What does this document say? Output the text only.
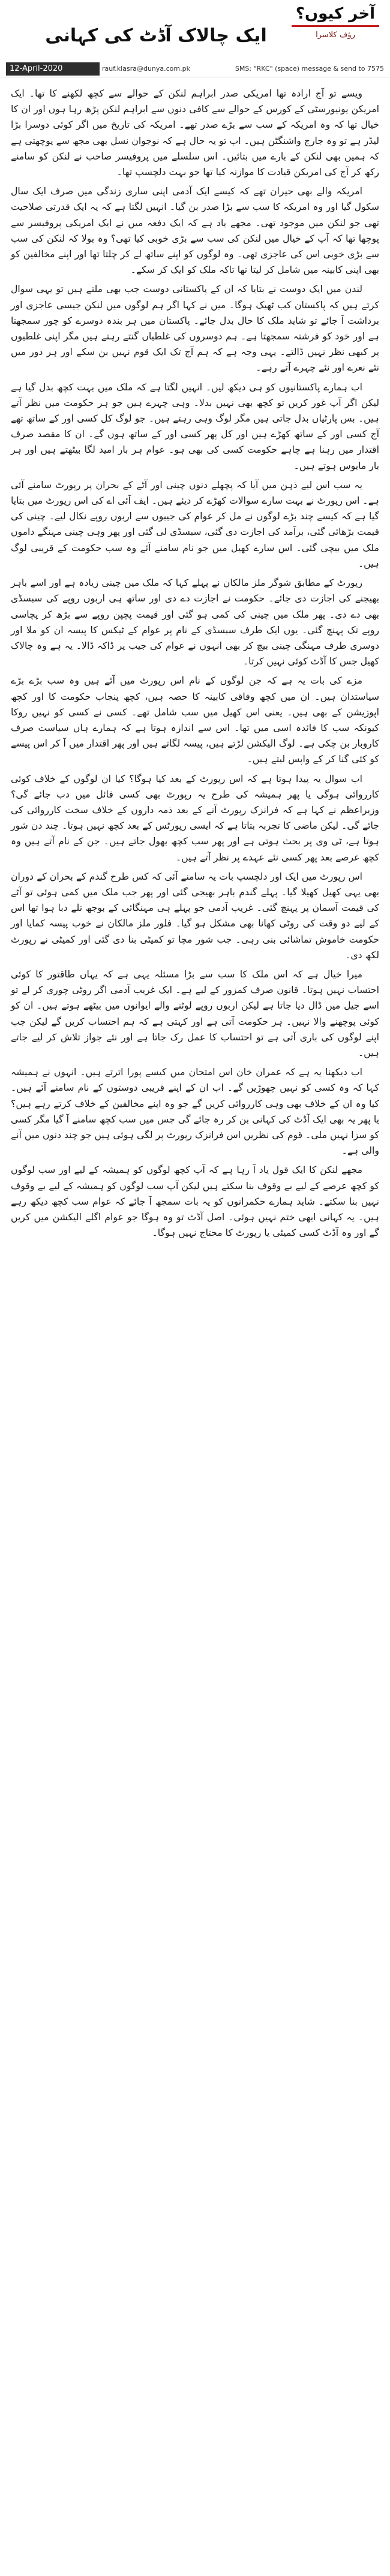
آخر کیوں؟
رؤف کلاسرا
ایک چالاک آڈٹ کی کہانی
12-April-2020	rauf.klasra@dunya.com.pk	SMS: "RKC" (space) message & send to 7575

ویسے تو آج ارادہ تھا امریکی صدر ابراہم لنکن کے حوالے سے کچھ لکھنے کا تھا۔ ایک امریکن یونیورسٹی کے کورس کے حوالے سے کافی دنوں سے ابراہم لنکن پڑھ رہا ہوں اور ان کا خیال تھا کہ وہ امریکہ کے سب سے بڑے صدر تھے۔ امریکہ کی تاریخ میں اگر کوئی دوسرا بڑا لیڈر ہے تو وہ جارج واشنگٹن ہیں۔ اب تو یہ حال ہے کہ نوجوان نسل بھی مجھ سے پوچھتی ہے کہ ہمیں بھی لنکن کے بارے میں بتائیں۔ اس سلسلے میں پروفیسر صاحب نے لنکن کو سامنے رکھ کر آج کی امریکن قیادت کا موازنہ کیا تھا جو بہت دلچسپ تھا۔

امریکہ والے بھی حیران تھے کہ کیسے ایک آدمی اپنی ساری زندگی میں صرف ایک سال سکول گیا اور وہ امریکہ کا سب سے بڑا صدر بن گیا۔ انہیں لگتا ہے کہ یہ ایک قدرتی صلاحیت تھی جو لنکن میں موجود تھی۔ مجھے یاد ہے کہ ایک دفعہ میں نے ایک امریکی پروفیسر سے پوچھا تھا کہ آپ کے خیال میں لنکن کی سب سے بڑی خوبی کیا تھی؟ وہ بولا کہ لنکن کی سب سے بڑی خوبی اس کی عاجزی تھی۔ وہ لوگوں کو اپنے ساتھ لے کر چلتا تھا اور اپنے مخالفین کو بھی اپنی کابینہ میں شامل کر لیتا تھا تاکہ ملک کو ایک کر سکے۔

لندن میں ایک دوست نے بتایا کہ ان کے پاکستانی دوست جب بھی ملتے ہیں تو یہی سوال کرتے ہیں کہ پاکستان کب ٹھیک ہوگا۔ میں نے کہا اگر ہم لوگوں میں لنکن جیسی عاجزی اور برداشت آ جائے تو شاید ملک کا حال بدل جائے۔ پاکستان میں ہر بندہ دوسرے کو چور سمجھتا ہے اور خود کو فرشتہ سمجھتا ہے۔ ہم دوسروں کی غلطیاں گنتے رہتے ہیں مگر اپنی غلطیوں پر کبھی نظر نہیں ڈالتے۔ یہی وجہ ہے کہ ہم آج تک ایک قوم نہیں بن سکے اور ہر دور میں نئے نعرے اور نئے چہرے آتے رہے۔

اب ہمارے پاکستانیوں کو ہی دیکھ لیں۔ انہیں لگتا ہے کہ ملک میں بہت کچھ بدل گیا ہے لیکن اگر آپ غور کریں تو کچھ بھی نہیں بدلا۔ وہی چہرے ہیں جو ہر حکومت میں نظر آتے ہیں۔ بس پارٹیاں بدل جاتی ہیں مگر لوگ وہی رہتے ہیں۔ جو لوگ کل کسی اور کے ساتھ تھے آج کسی اور کے ساتھ کھڑے ہیں اور کل پھر کسی اور کے ساتھ ہوں گے۔ ان کا مقصد صرف اقتدار میں رہنا ہے چاہے حکومت کسی کی بھی ہو۔ عوام ہر بار امید لگا بیٹھتے ہیں اور ہر بار مایوس ہوتے ہیں۔

یہ سب اس لیے ذہن میں آیا کہ پچھلے دنوں چینی اور آٹے کے بحران پر رپورٹ سامنے آئی ہے۔ اس رپورٹ نے بہت سارے سوالات کھڑے کر دیئے ہیں۔ ایف آئی اے کی اس رپورٹ میں بتایا گیا ہے کہ کیسے چند بڑے لوگوں نے مل کر عوام کی جیبوں سے اربوں روپے نکال لیے۔ چینی کی قیمت بڑھائی گئی، برآمد کی اجازت دی گئی، سبسڈی لی گئی اور پھر وہی چینی مہنگے داموں ملک میں بیچی گئی۔ اس سارے کھیل میں جو نام سامنے آئے وہ سب حکومت کے قریبی لوگ ہیں۔

رپورٹ کے مطابق شوگر ملز مالکان نے پہلے کہا کہ ملک میں چینی زیادہ ہے اور اسے باہر بھیجنے کی اجازت دی جائے۔ حکومت نے اجازت دے دی اور ساتھ ہی اربوں روپے کی سبسڈی بھی دے دی۔ پھر ملک میں چینی کی کمی ہو گئی اور قیمت پچپن روپے سے بڑھ کر پچاسی روپے تک پہنچ گئی۔ یوں ایک طرف سبسڈی کے نام پر عوام کے ٹیکس کا پیسہ ان کو ملا اور دوسری طرف مہنگی چینی بیچ کر بھی انہوں نے عوام کی جیب پر ڈاکہ ڈالا۔ یہ ہے وہ چالاک کھیل جس کا آڈٹ کوئی نہیں کرتا۔

مزے کی بات یہ ہے کہ جن لوگوں کے نام اس رپورٹ میں آئے ہیں وہ سب بڑے بڑے سیاستدان ہیں۔ ان میں کچھ وفاقی کابینہ کا حصہ ہیں، کچھ پنجاب حکومت کا اور کچھ اپوزیشن کے بھی ہیں۔ یعنی اس کھیل میں سب شامل تھے۔ کسی نے کسی کو نہیں روکا کیونکہ سب کا فائدہ اسی میں تھا۔ اس سے اندازہ ہوتا ہے کہ ہمارے ہاں سیاست صرف کاروبار بن چکی ہے۔ لوگ الیکشن لڑتے ہیں، پیسہ لگاتے ہیں اور پھر اقتدار میں آ کر اس پیسے کو کئی گنا کر کے واپس لیتے ہیں۔

اب سوال یہ پیدا ہوتا ہے کہ اس رپورٹ کے بعد کیا ہوگا؟ کیا ان لوگوں کے خلاف کوئی کارروائی ہوگی یا پھر ہمیشہ کی طرح یہ رپورٹ بھی کسی فائل میں دب جائے گی؟ وزیراعظم نے کہا ہے کہ فرانزک رپورٹ آنے کے بعد ذمہ داروں کے خلاف سخت کارروائی کی جائے گی۔ لیکن ماضی کا تجربہ بتاتا ہے کہ ایسی رپورٹس کے بعد کچھ نہیں ہوتا۔ چند دن شور ہوتا ہے، ٹی وی پر بحث ہوتی ہے اور پھر سب کچھ بھول جاتے ہیں۔ جن کے نام آتے ہیں وہ کچھ عرصے بعد پھر کسی نئے عہدے پر نظر آتے ہیں۔

اس رپورٹ میں ایک اور دلچسپ بات یہ سامنے آئی کہ کس طرح گندم کے بحران کے دوران بھی یہی کھیل کھیلا گیا۔ پہلے گندم باہر بھیجی گئی اور پھر جب ملک میں کمی ہوئی تو آٹے کی قیمت آسمان پر پہنچ گئی۔ غریب آدمی جو پہلے ہی مہنگائی کے بوجھ تلے دبا ہوا تھا اس کے لیے دو وقت کی روٹی کھانا بھی مشکل ہو گیا۔ فلور ملز مالکان نے خوب پیسہ کمایا اور حکومت خاموش تماشائی بنی رہی۔ جب شور مچا تو کمیٹی بنا دی گئی اور کمیٹی نے رپورٹ لکھ دی۔

میرا خیال ہے کہ اس ملک کا سب سے بڑا مسئلہ یہی ہے کہ یہاں طاقتور کا کوئی احتساب نہیں ہوتا۔ قانون صرف کمزور کے لیے ہے۔ ایک غریب آدمی اگر روٹی چوری کر لے تو اسے جیل میں ڈال دیا جاتا ہے لیکن اربوں روپے لوٹنے والے ایوانوں میں بیٹھے ہوتے ہیں۔ ان کو کوئی پوچھنے والا نہیں۔ ہر حکومت آتی ہے اور کہتی ہے کہ ہم احتساب کریں گے لیکن جب اپنے لوگوں کی باری آتی ہے تو احتساب کا عمل رک جاتا ہے اور نئے جواز تلاش کر لیے جاتے ہیں۔

اب دیکھنا یہ ہے کہ عمران خان اس امتحان میں کیسے پورا اترتے ہیں۔ انہوں نے ہمیشہ کہا کہ وہ کسی کو نہیں چھوڑیں گے۔ اب ان کے اپنے قریبی دوستوں کے نام سامنے آئے ہیں۔ کیا وہ ان کے خلاف بھی وہی کارروائی کریں گے جو وہ اپنے مخالفین کے خلاف کرتے رہے ہیں؟ یا پھر یہ بھی ایک آڈٹ کی کہانی بن کر رہ جائے گی جس میں سب کچھ سامنے آ گیا مگر کسی کو سزا نہیں ملی۔ قوم کی نظریں اس فرانزک رپورٹ پر لگی ہوئی ہیں جو چند دنوں میں آنے والی ہے۔

مجھے لنکن کا ایک قول یاد آ رہا ہے کہ آپ کچھ لوگوں کو ہمیشہ کے لیے اور سب لوگوں کو کچھ عرصے کے لیے بے وقوف بنا سکتے ہیں لیکن آپ سب لوگوں کو ہمیشہ کے لیے بے وقوف نہیں بنا سکتے۔ شاید ہمارے حکمرانوں کو یہ بات سمجھ آ جائے کہ عوام سب کچھ دیکھ رہے ہیں۔ یہ کہانی ابھی ختم نہیں ہوئی۔ اصل آڈٹ تو وہ ہوگا جو عوام اگلے الیکشن میں کریں گے اور وہ آڈٹ کسی کمیٹی یا رپورٹ کا محتاج نہیں ہوگا۔
